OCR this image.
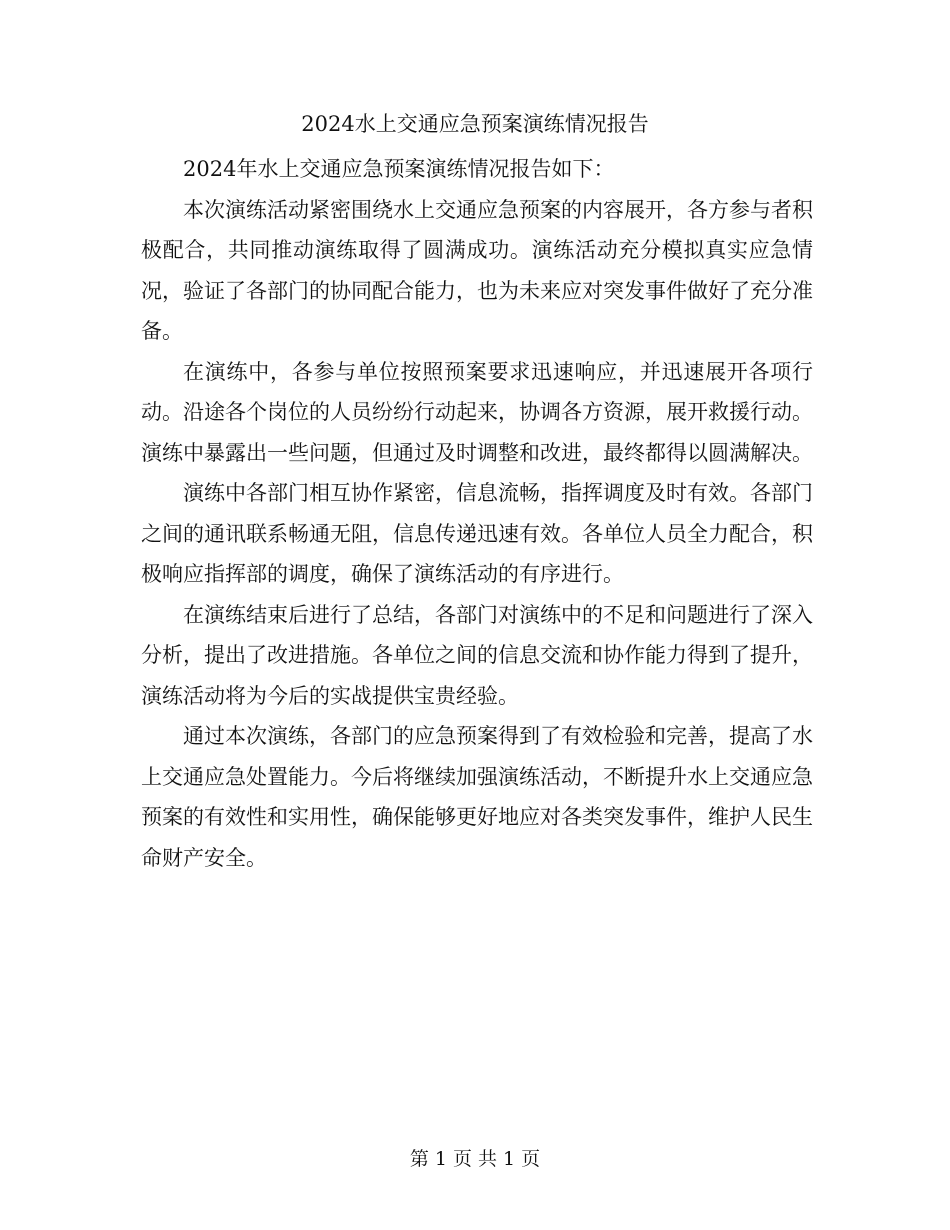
2024水上交通应急预案演练情况报告

2024年水上交通应急预案演练情况报告如下：

本次演练活动紧密围绕水上交通应急预案的内容展开，各方参与者积极配合，共同推动演练取得了圆满成功。演练活动充分模拟真实应急情况，验证了各部门的协同配合能力，也为未来应对突发事件做好了充分准备。

在演练中，各参与单位按照预案要求迅速响应，并迅速展开各项行动。沿途各个岗位的人员纷纷行动起来，协调各方资源，展开救援行动。演练中暴露出一些问题，但通过及时调整和改进，最终都得以圆满解决。

演练中各部门相互协作紧密，信息流畅，指挥调度及时有效。各部门之间的通讯联系畅通无阻，信息传递迅速有效。各单位人员全力配合，积极响应指挥部的调度，确保了演练活动的有序进行。

在演练结束后进行了总结，各部门对演练中的不足和问题进行了深入分析，提出了改进措施。各单位之间的信息交流和协作能力得到了提升，演练活动将为今后的实战提供宝贵经验。

通过本次演练，各部门的应急预案得到了有效检验和完善，提高了水上交通应急处置能力。今后将继续加强演练活动，不断提升水上交通应急预案的有效性和实用性，确保能够更好地应对各类突发事件，维护人民生命财产安全。

第 1 页 共 1 页
